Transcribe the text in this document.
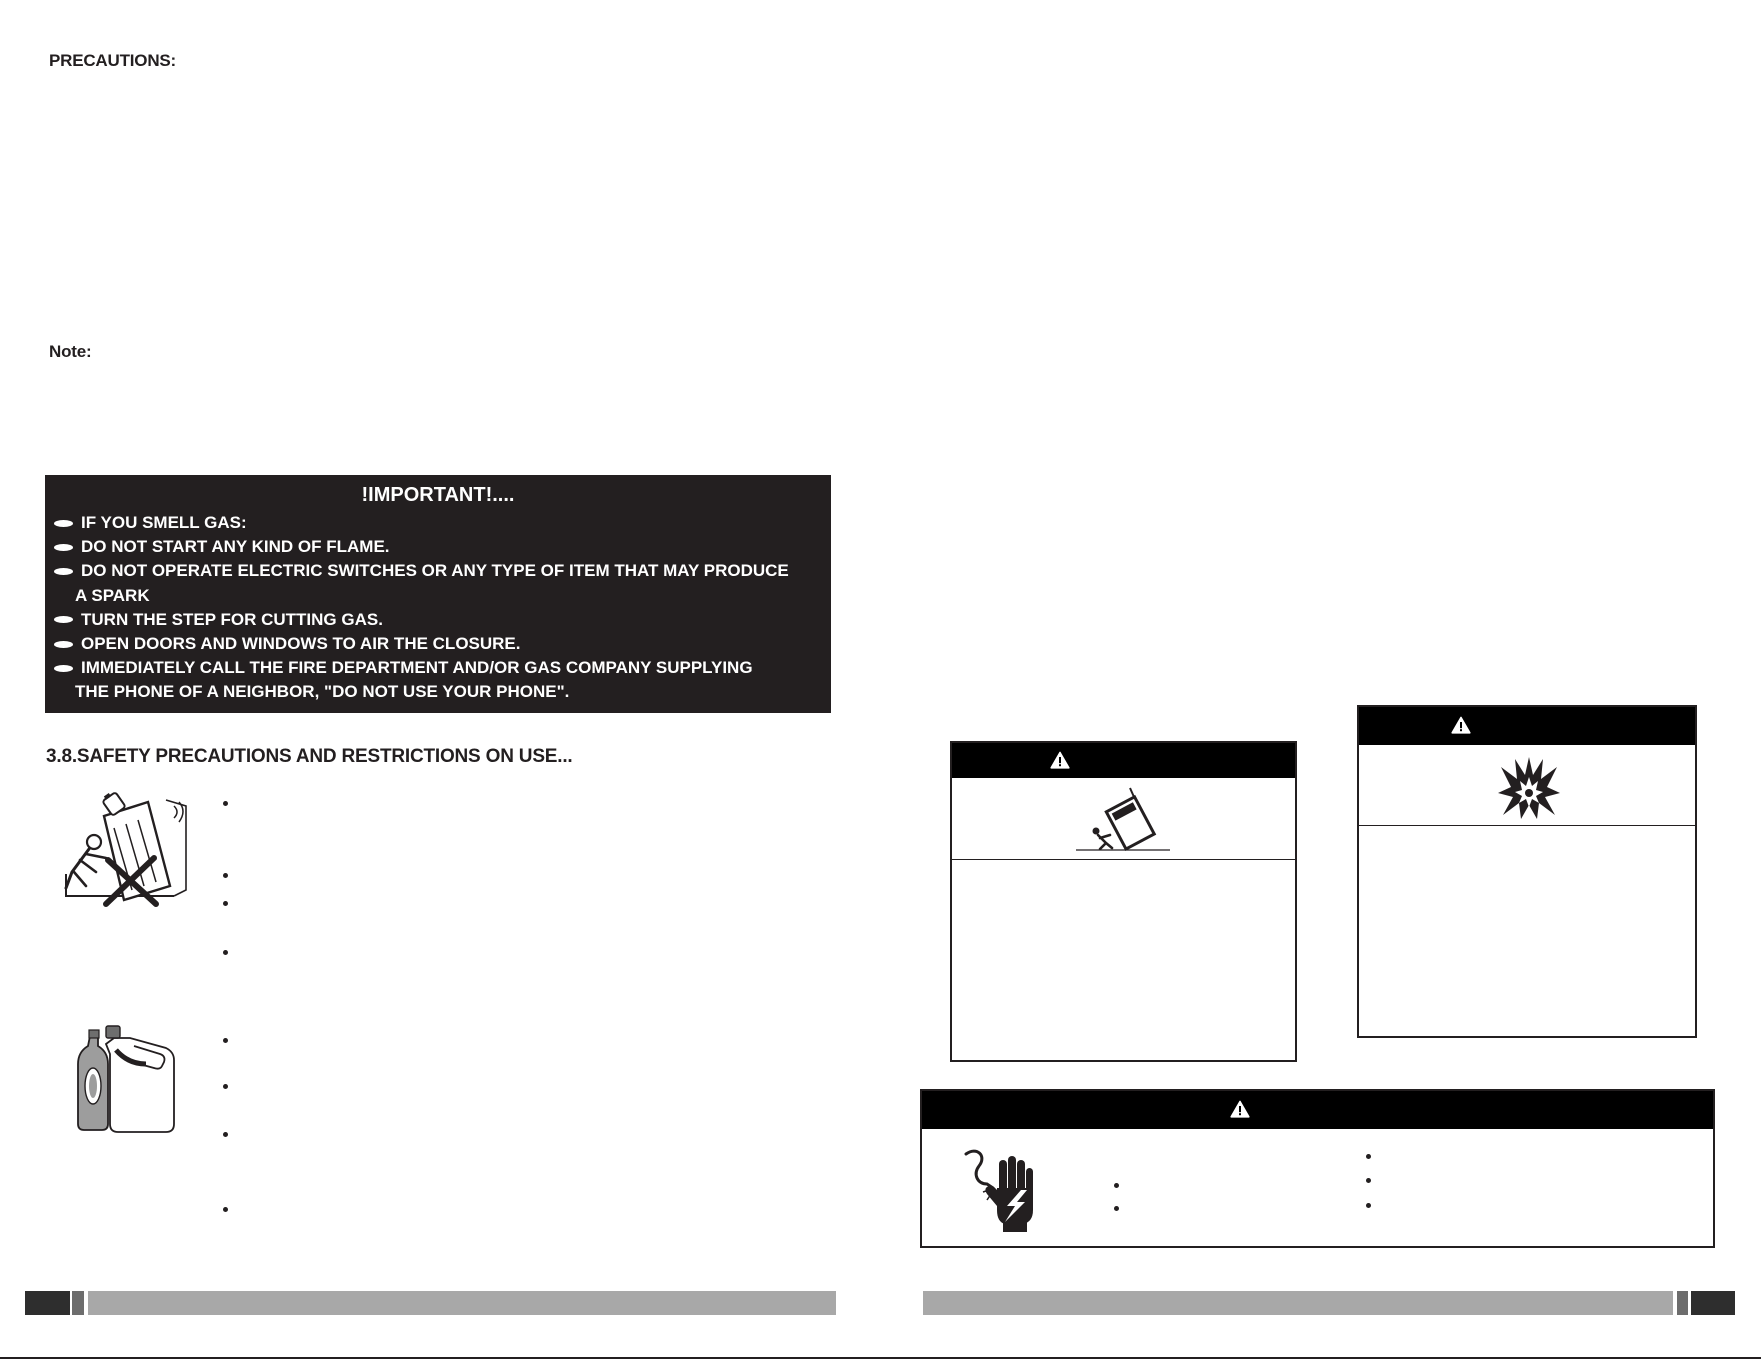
PRECAUTIONS:
Note:
!IMPORTANT!....
IF YOU SMELL GAS:
DO NOT START ANY KIND OF FLAME.
DO NOT OPERATE ELECTRIC SWITCHES OR ANY TYPE OF ITEM THAT MAY PRODUCE
A SPARK
TURN THE STEP FOR CUTTING GAS.
OPEN DOORS AND WINDOWS TO AIR THE CLOSURE.
IMMEDIATELY CALL THE FIRE DEPARTMENT AND/OR GAS COMPANY SUPPLYING
THE PHONE OF A NEIGHBOR, "DO NOT USE YOUR PHONE".
3.8.SAFETY PRECAUTIONS AND RESTRICTIONS ON USE...
